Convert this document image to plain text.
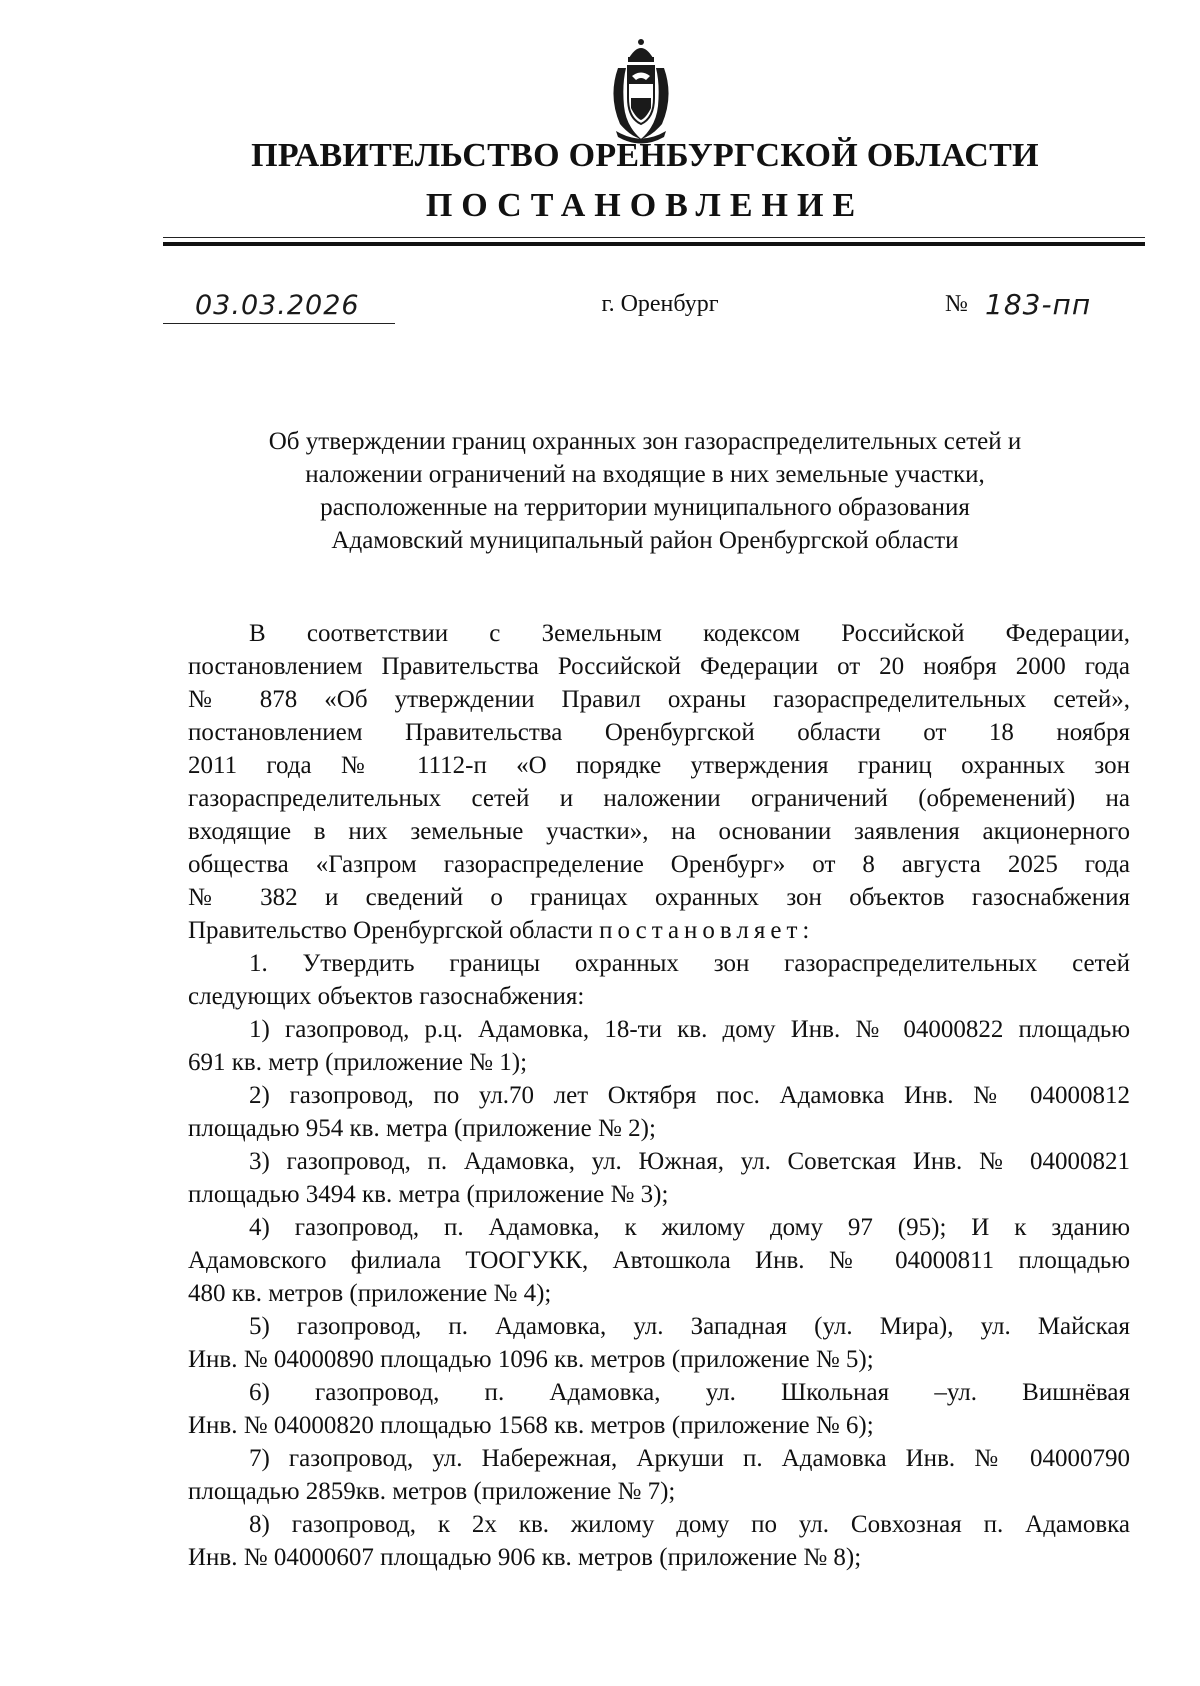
ПРАВИТЕЛЬСТВО ОРЕНБУРГСКОЙ ОБЛАСТИ
ПОСТАНОВЛЕНИЕ
03.03.2026	г. Оренбург	№ 183-пп
Об утверждении границ охранных зон газораспределительных сетей и
наложении ограничений на входящие в них земельные участки,
расположенные на территории муниципального образования
Адамовский муниципальный район Оренбургской области

В соответствии с Земельным кодексом Российской Федерации,
постановлением Правительства Российской Федерации от 20 ноября 2000 года
№ 878 «Об утверждении Правил охраны газораспределительных сетей»,
постановлением Правительства Оренбургской области от 18 ноября
2011 года № 1112-п «О порядке утверждения границ охранных зон
газораспределительных сетей и наложении ограничений (обременений) на
входящие в них земельные участки», на основании заявления акционерного
общества «Газпром газораспределение Оренбург» от 8 августа 2025 года
№ 382 и сведений о границах охранных зон объектов газоснабжения
Правительство Оренбургской области постановляет:

1. Утвердить границы охранных зон газораспределительных сетей
следующих объектов газоснабжения:

1) газопровод, р.ц. Адамовка, 18-ти кв. дому Инв. № 04000822 площадью
691 кв. метр (приложение № 1);

2) газопровод, по ул.70 лет Октября пос. Адамовка Инв. № 04000812
площадью 954 кв. метра (приложение № 2);

3) газопровод, п. Адамовка, ул. Южная, ул. Советская Инв. № 04000821
площадью 3494 кв. метра (приложение № 3);

4) газопровод, п. Адамовка, к жилому дому 97 (95); И к зданию
Адамовского филиала ТООГУКК, Автошкола Инв. № 04000811 площадью
480 кв. метров (приложение № 4);

5) газопровод, п. Адамовка, ул. Западная (ул. Мира), ул. Майская
Инв. № 04000890 площадью 1096 кв. метров (приложение № 5);

6) газопровод, п. Адамовка, ул. Школьная –ул. Вишнёвая
Инв. № 04000820 площадью 1568 кв. метров (приложение № 6);

7) газопровод, ул. Набережная, Аркуши п. Адамовка Инв. № 04000790
площадью 2859кв. метров (приложение № 7);

8) газопровод, к 2х кв. жилому дому по ул. Совхозная п. Адамовка
Инв. № 04000607 площадью 906 кв. метров (приложение № 8);
